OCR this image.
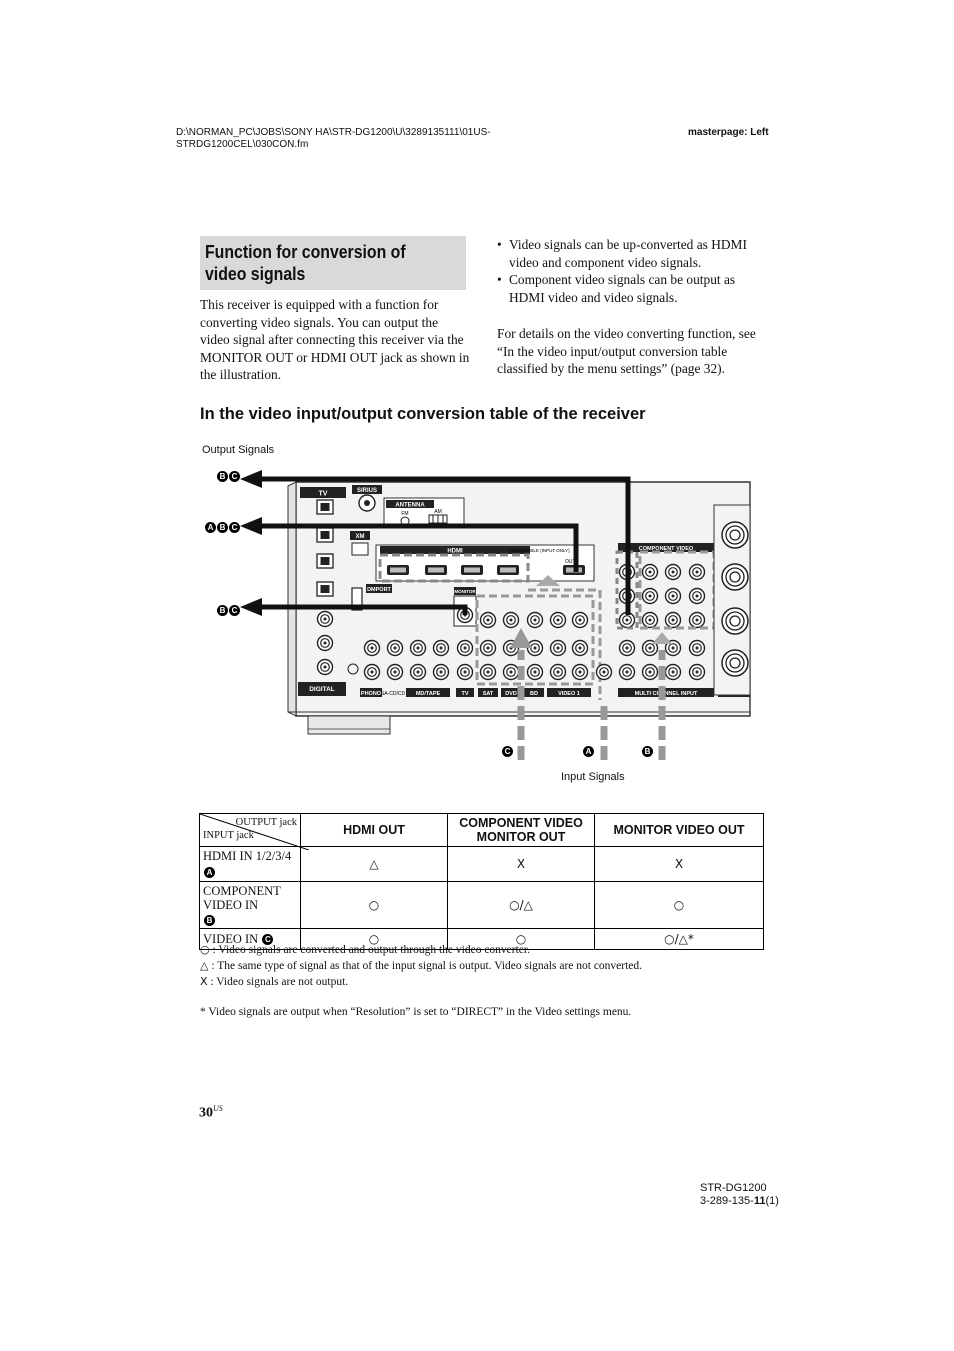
D:\NORMAN_PC\JOBS\SONY HA\STR-DG1200\U\3289135111\01US-
STRDG1200CEL\030CON.fm
masterpage: Left
Function for conversion of video signals
This receiver is equipped with a function for converting video signals. You can output the video signal after connecting this receiver via the MONITOR OUT or HDMI OUT jack as shown in the illustration.
• Video signals can be up-converted as HDMI video and component video signals.
• Component video signals can be output as HDMI video and video signals.
For details on the video converting function, see “In the video input/output conversion table classified by the menu settings” (page 32).
In the video input/output conversion table of the receiver
Output Signals
Input Signals
B C
A B C
B C
C	A	B
TV
DIGITAL
SIRIUS
ANTENNA
FM	AM
XM
HDMI	ASSIGNABLE (INPUT ONLY)
OUT
DMPORT	MONITOR
PHONO SA-CD/CD MD/TAPE	TV	SAT DVD BD	VIDEO 1	MULTI CHANNEL INPUT
COMPONENT VIDEO
OUTPUT jack
INPUT jack	HDMI OUT	COMPONENT VIDEO MONITOR OUT	MONITOR VIDEO OUT
HDMI IN 1/2/3/4 A	△	X	X
COMPONENT VIDEO INB	○	○/△	○
VIDEO IN C	○	○	○/△*
○ : Video signals are converted and output through the video converter.
△ : The same type of signal as that of the input signal is output. Video signals are not converted.
X : Video signals are not output.
* Video signals are output when “Resolution” is set to “DIRECT” in the Video settings menu.
$30^{US}$
STR-DG1200
3-289-135-11(1)
